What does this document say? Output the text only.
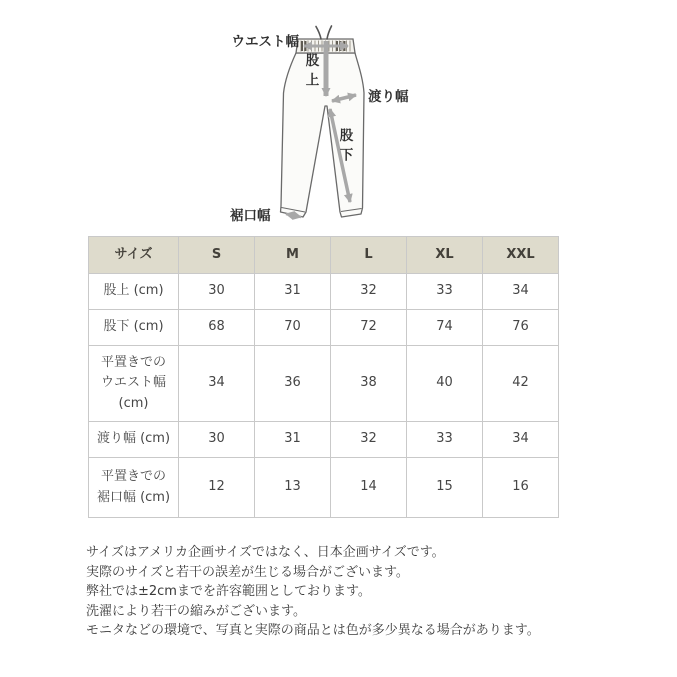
ウエスト幅
股上
渡り幅
股下
裾口幅
サイズ	S	M	L	XL	XXL
股上 (cm)	30	31	32	33	34
股下 (cm)	68	70	72	74	76
平置きでの ウエスト幅 (cm)	34	36	38	40	42
渡り幅 (cm)	30	31	32	33	34
平置きでの 裾口幅 (cm)	12	13	14	15	16
サイズはアメリカ企画サイズではなく、日本企画サイズです。
実際のサイズと若干の誤差が生じる場合がございます。
弊社では±2cmまでを許容範囲としております。
洗濯により若干の縮みがございます。
モニタなどの環境で、写真と実際の商品とは色が多少異なる場合があります。
